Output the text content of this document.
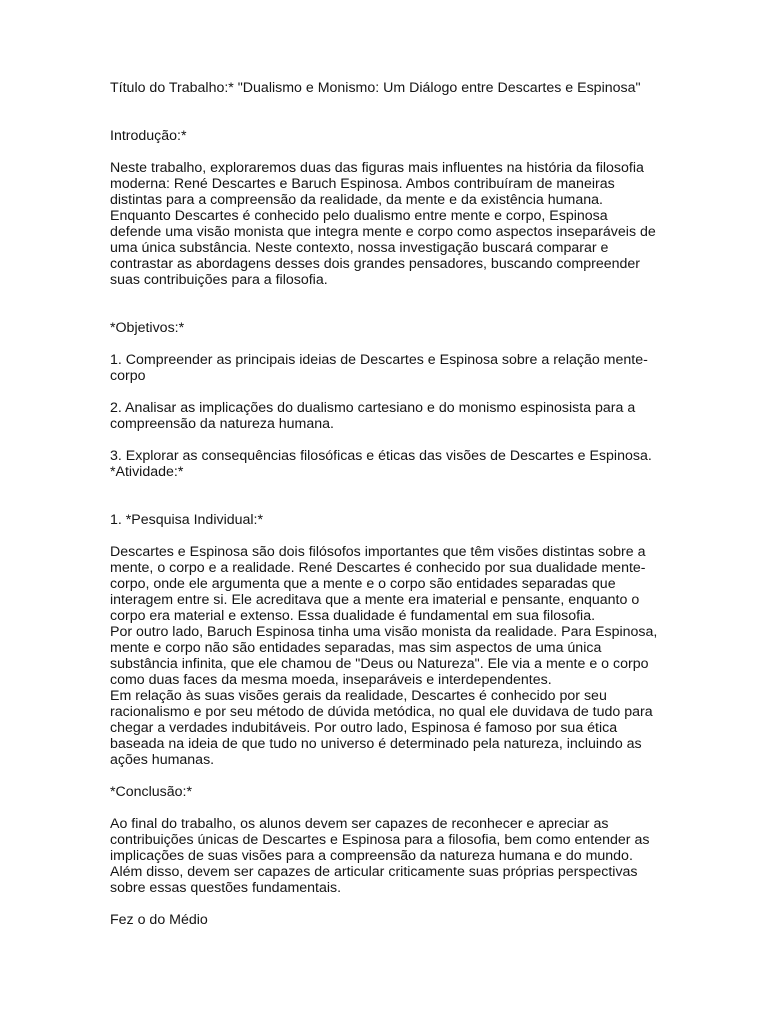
Título do Trabalho:* "Dualismo e Monismo: Um Diálogo entre Descartes e Espinosa"
Introdução:*
Neste trabalho, exploraremos duas das figuras mais influentes na história da filosofia
moderna: René Descartes e Baruch Espinosa. Ambos contribuíram de maneiras
distintas para a compreensão da realidade, da mente e da existência humana.
Enquanto Descartes é conhecido pelo dualismo entre mente e corpo, Espinosa
defende uma visão monista que integra mente e corpo como aspectos inseparáveis de
uma única substância. Neste contexto, nossa investigação buscará comparar e
contrastar as abordagens desses dois grandes pensadores, buscando compreender
suas contribuições para a filosofia.
*Objetivos:*
1. Compreender as principais ideias de Descartes e Espinosa sobre a relação mente-
corpo
2. Analisar as implicações do dualismo cartesiano e do monismo espinosista para a
compreensão da natureza humana.
3. Explorar as consequências filosóficas e éticas das visões de Descartes e Espinosa.
*Atividade:*
1. *Pesquisa Individual:*
Descartes e Espinosa são dois filósofos importantes que têm visões distintas sobre a
mente, o corpo e a realidade. René Descartes é conhecido por sua dualidade mente-
corpo, onde ele argumenta que a mente e o corpo são entidades separadas que
interagem entre si. Ele acreditava que a mente era imaterial e pensante, enquanto o
corpo era material e extenso. Essa dualidade é fundamental em sua filosofia.
Por outro lado, Baruch Espinosa tinha uma visão monista da realidade. Para Espinosa,
mente e corpo não são entidades separadas, mas sim aspectos de uma única
substância infinita, que ele chamou de "Deus ou Natureza". Ele via a mente e o corpo
como duas faces da mesma moeda, inseparáveis e interdependentes.
Em relação às suas visões gerais da realidade, Descartes é conhecido por seu
racionalismo e por seu método de dúvida metódica, no qual ele duvidava de tudo para
chegar a verdades indubitáveis. Por outro lado, Espinosa é famoso por sua ética
baseada na ideia de que tudo no universo é determinado pela natureza, incluindo as
ações humanas.
*Conclusão:*
Ao final do trabalho, os alunos devem ser capazes de reconhecer e apreciar as
contribuições únicas de Descartes e Espinosa para a filosofia, bem como entender as
implicações de suas visões para a compreensão da natureza humana e do mundo.
Além disso, devem ser capazes de articular criticamente suas próprias perspectivas
sobre essas questões fundamentais.
Fez o do Médio
